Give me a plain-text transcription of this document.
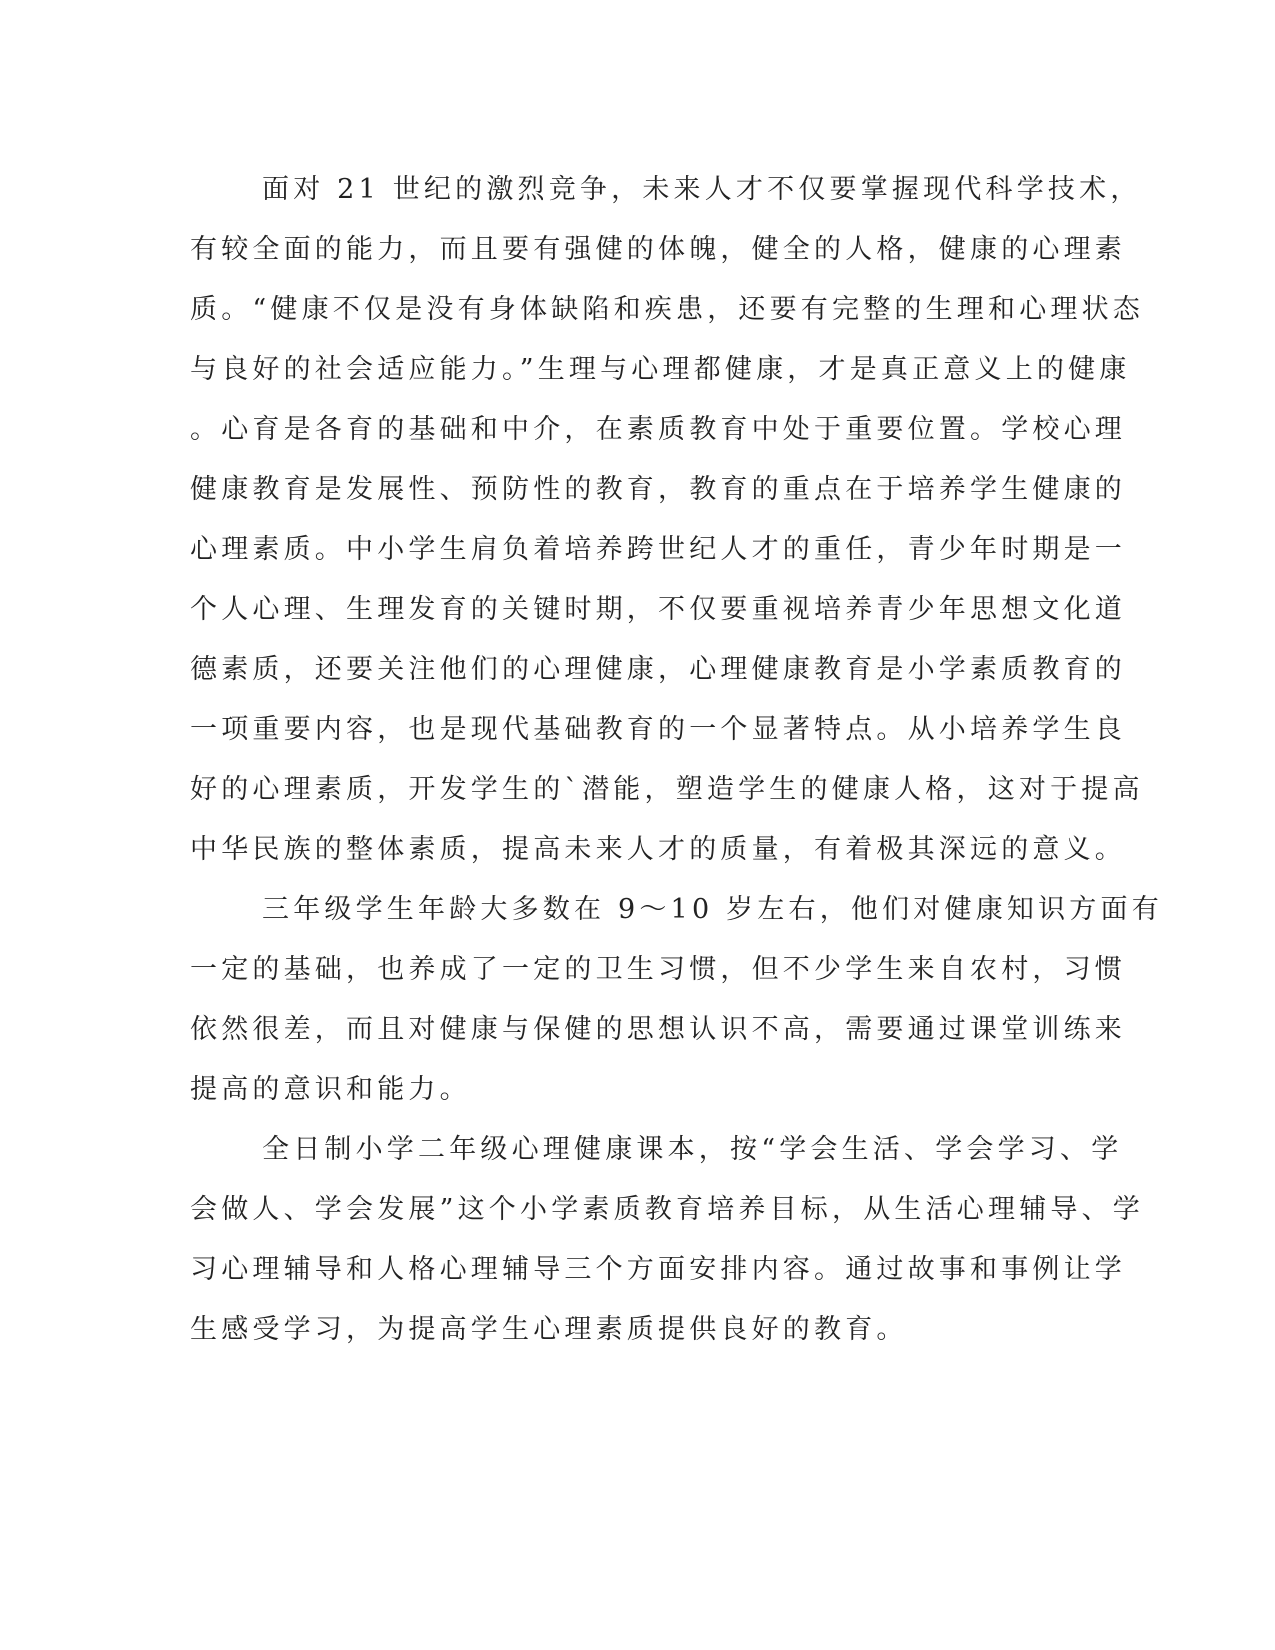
面对 21 世纪的激烈竞争，未来人才不仅要掌握现代科学技术，
有较全面的能力，而且要有强健的体魄，健全的人格，健康的心理素
质。“健康不仅是没有身体缺陷和疾患，还要有完整的生理和心理状态
与良好的社会适应能力。”生理与心理都健康，才是真正意义上的健康
。心育是各育的基础和中介，在素质教育中处于重要位置。学校心理
健康教育是发展性、预防性的教育，教育的重点在于培养学生健康的
心理素质。中小学生肩负着培养跨世纪人才的重任，青少年时期是一
个人心理、生理发育的关键时期，不仅要重视培养青少年思想文化道
德素质，还要关注他们的心理健康，心理健康教育是小学素质教育的
一项重要内容，也是现代基础教育的一个显著特点。从小培养学生良
好的心理素质，开发学生的`潜能，塑造学生的健康人格，这对于提高
中华民族的整体素质，提高未来人才的质量，有着极其深远的意义。
三年级学生年龄大多数在 9～10 岁左右，他们对健康知识方面有
一定的基础，也养成了一定的卫生习惯，但不少学生来自农村，习惯
依然很差，而且对健康与保健的思想认识不高，需要通过课堂训练来
提高的意识和能力。
全日制小学二年级心理健康课本，按“学会生活、学会学习、学
会做人、学会发展”这个小学素质教育培养目标，从生活心理辅导、学
习心理辅导和人格心理辅导三个方面安排内容。通过故事和事例让学
生感受学习，为提高学生心理素质提供良好的教育。
